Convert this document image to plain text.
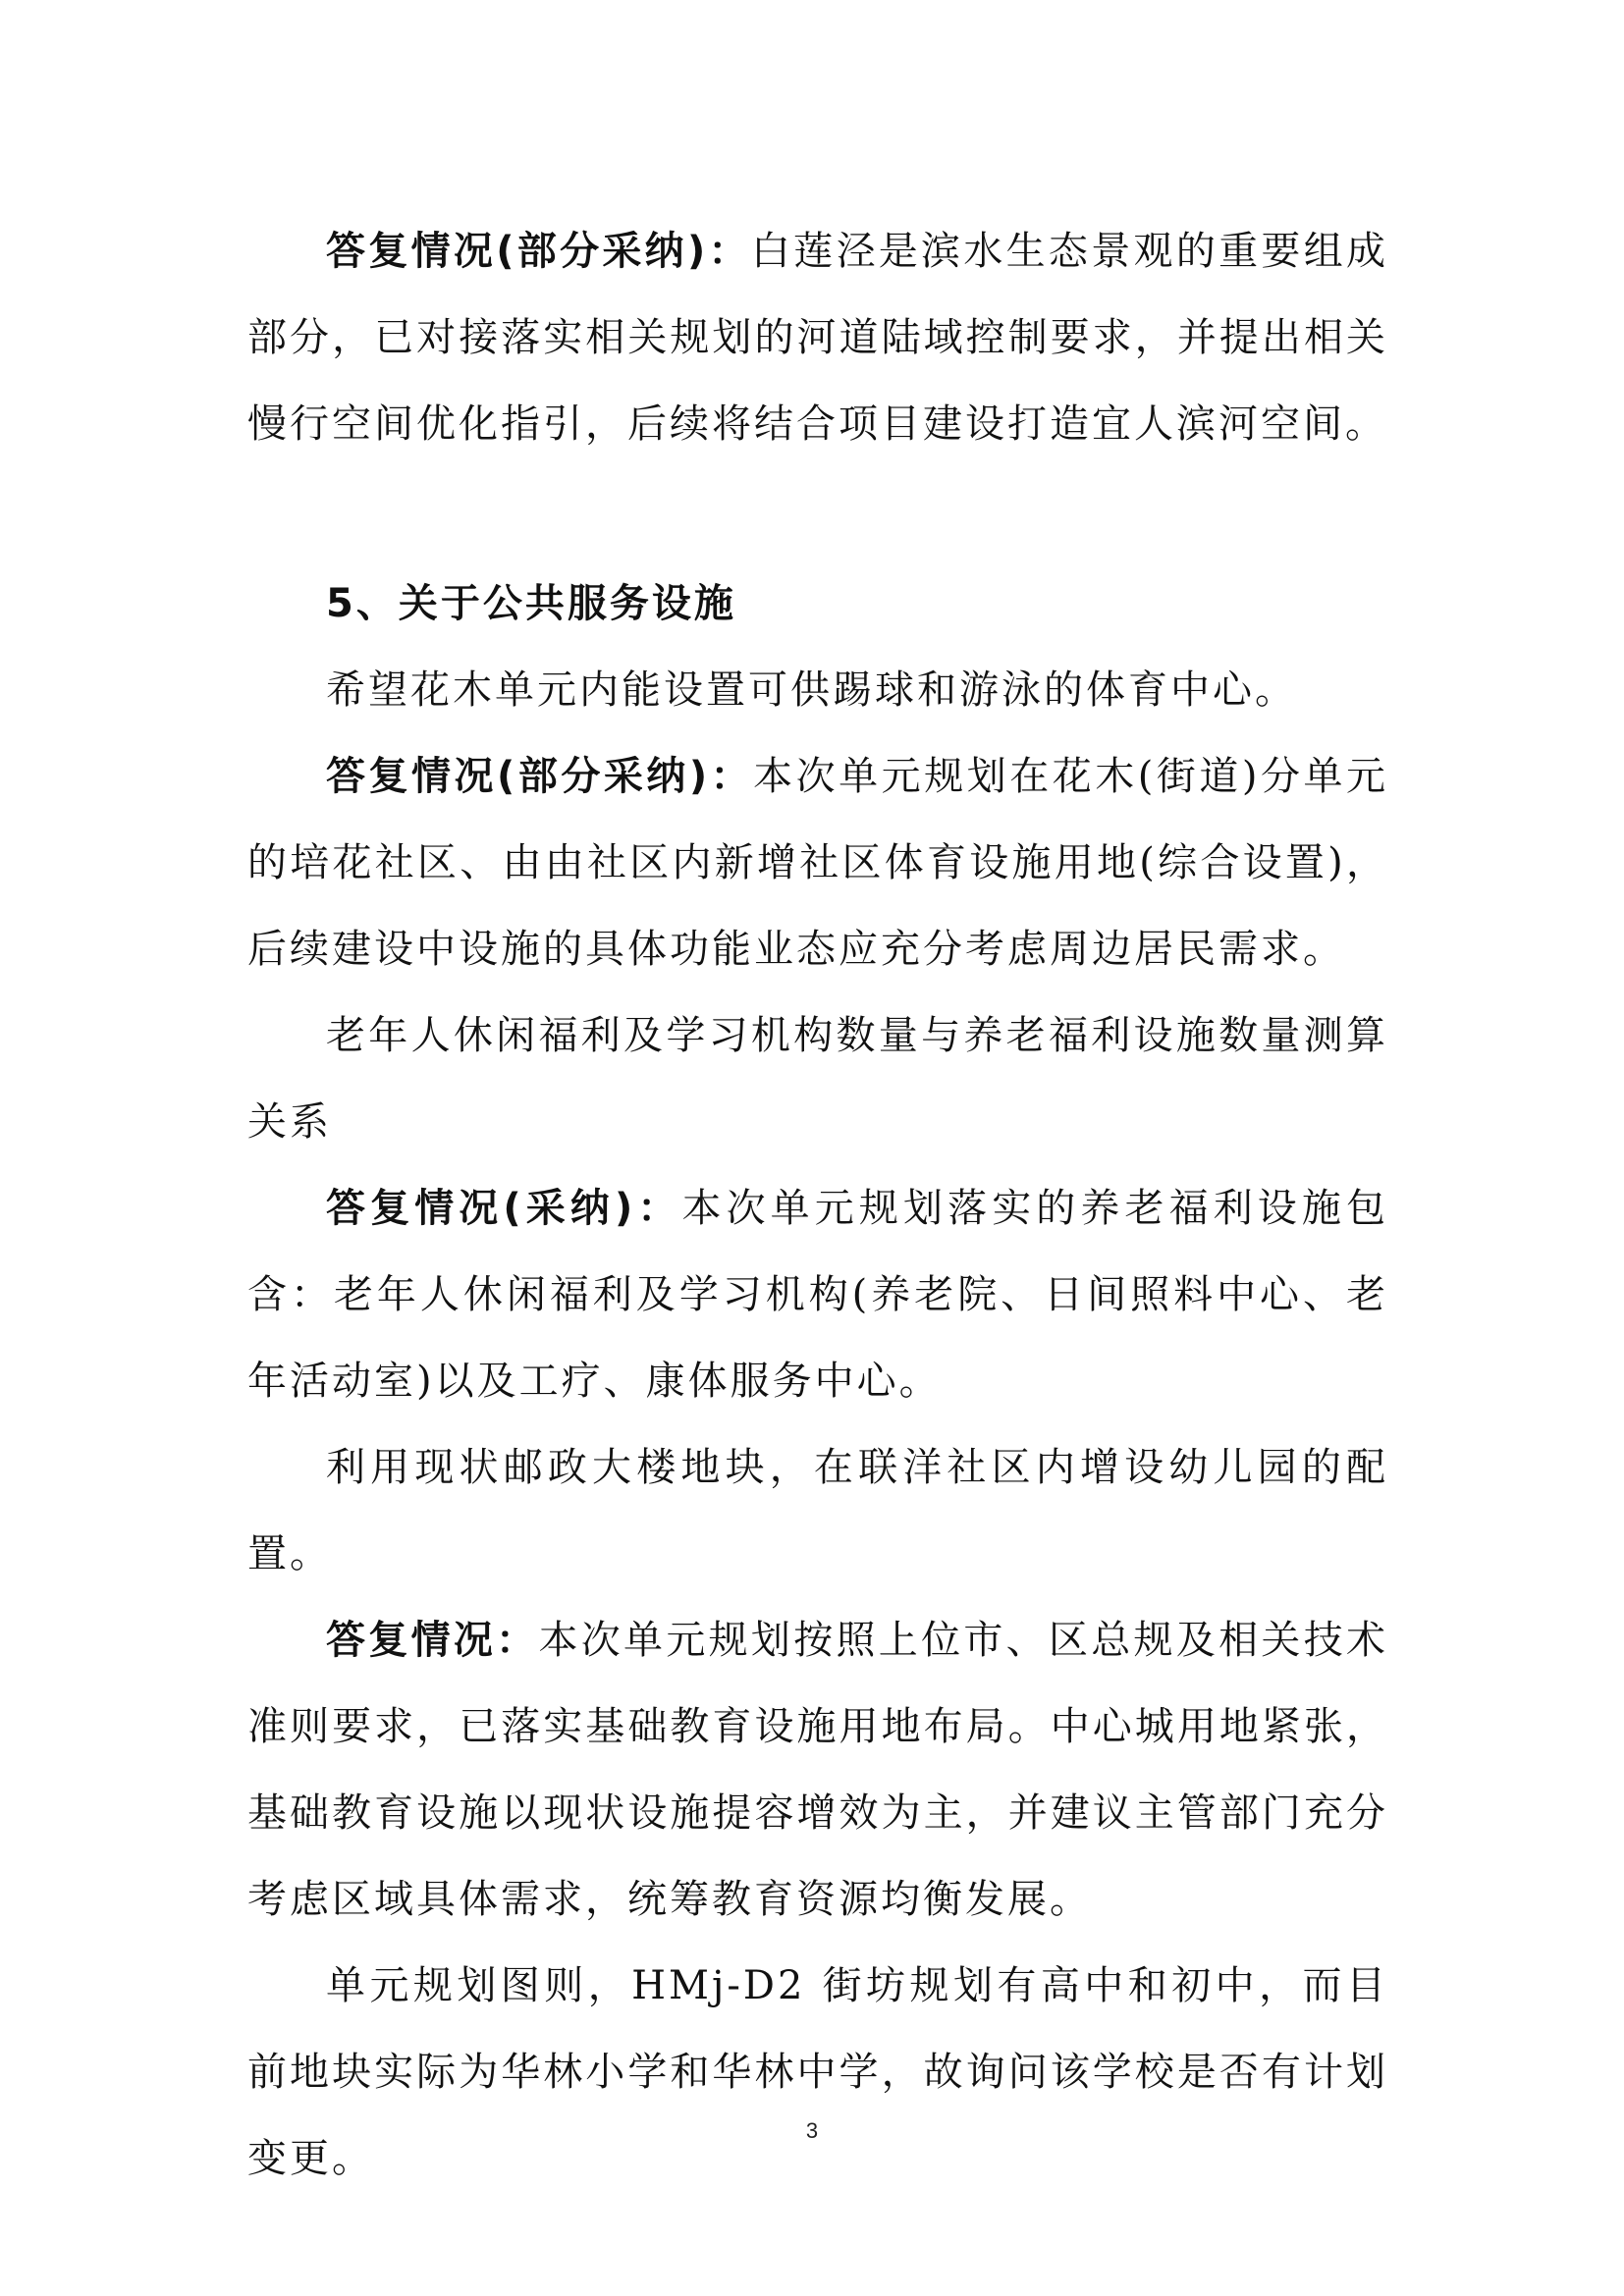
答复情况(部分采纳)：白莲泾是滨水生态景观的重要组成部分，已对接落实相关规划的河道陆域控制要求，并提出相关慢行空间优化指引，后续将结合项目建设打造宜人滨河空间。

5、关于公共服务设施

希望花木单元内能设置可供踢球和游泳的体育中心。

答复情况(部分采纳)：本次单元规划在花木(街道)分单元的培花社区、由由社区内新增社区体育设施用地(综合设置)，后续建设中设施的具体功能业态应充分考虑周边居民需求。

老年人休闲福利及学习机构数量与养老福利设施数量测算关系

答复情况(采纳)：本次单元规划落实的养老福利设施包含：老年人休闲福利及学习机构(养老院、日间照料中心、老年活动室)以及工疗、康体服务中心。

利用现状邮政大楼地块，在联洋社区内增设幼儿园的配置。

答复情况：本次单元规划按照上位市、区总规及相关技术准则要求，已落实基础教育设施用地布局。中心城用地紧张，基础教育设施以现状设施提容增效为主，并建议主管部门充分考虑区域具体需求，统筹教育资源均衡发展。

单元规划图则，HMj-D2 街坊规划有高中和初中，而目前地块实际为华林小学和华林中学，故询问该学校是否有计划变更。

3
